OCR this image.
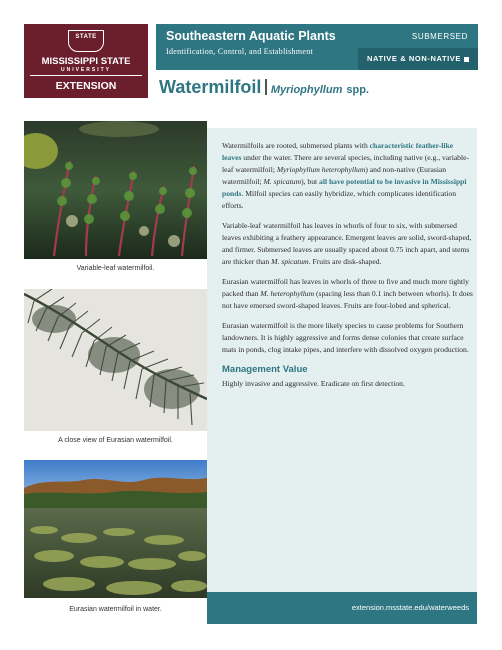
STATE
MISSISSIPPI STATE
UNIVERSITY
EXTENSION
Southeastern Aquatic Plants
Identification, Control, and Establishment
SUBMERSED
NATIVE & NON-NATIVE
Watermilfoil Myriophyllum spp.
Variable-leaf watermilfoil.
A close view of Eurasian watermilfoil.
Eurasian watermilfoil in water.

Watermilfoils are rooted, submersed plants with characteristic feather-like leaves under the water. There are several species, including native (e.g., variable-leaf watermilfoil; Myriophyllum heterophyllum) and non-native (Eurasian watermilfoil; M. spicatum), but all have potential to be invasive in Mississippi ponds. Milfoil species can easily hybridize, which complicates identification efforts.

Variable-leaf watermilfoil has leaves in whorls of four to six, with submersed leaves exhibiting a feathery appearance. Emergent leaves are solid, sword-shaped, and firmer. Submersed leaves are usually spaced about 0.75 inch apart, and stems are thicker than M. spicatum. Fruits are disk-shaped.

Eurasian watermilfoil has leaves in whorls of three to five and much more tightly packed than M. heterophyllum (spacing less than 0.1 inch between whorls). It does not have emersed sword-shaped leaves. Fruits are four-lobed and spherical.

Eurasian watermilfoil is the more likely species to cause problems for Southern landowners. It is highly aggressive and forms dense colonies that create surface mats in ponds, clog intake pipes, and interfere with dissolved oxygen production.

Management Value

Highly invasive and aggressive. Eradicate on first detection.

extension.msstate.edu/waterweeds
